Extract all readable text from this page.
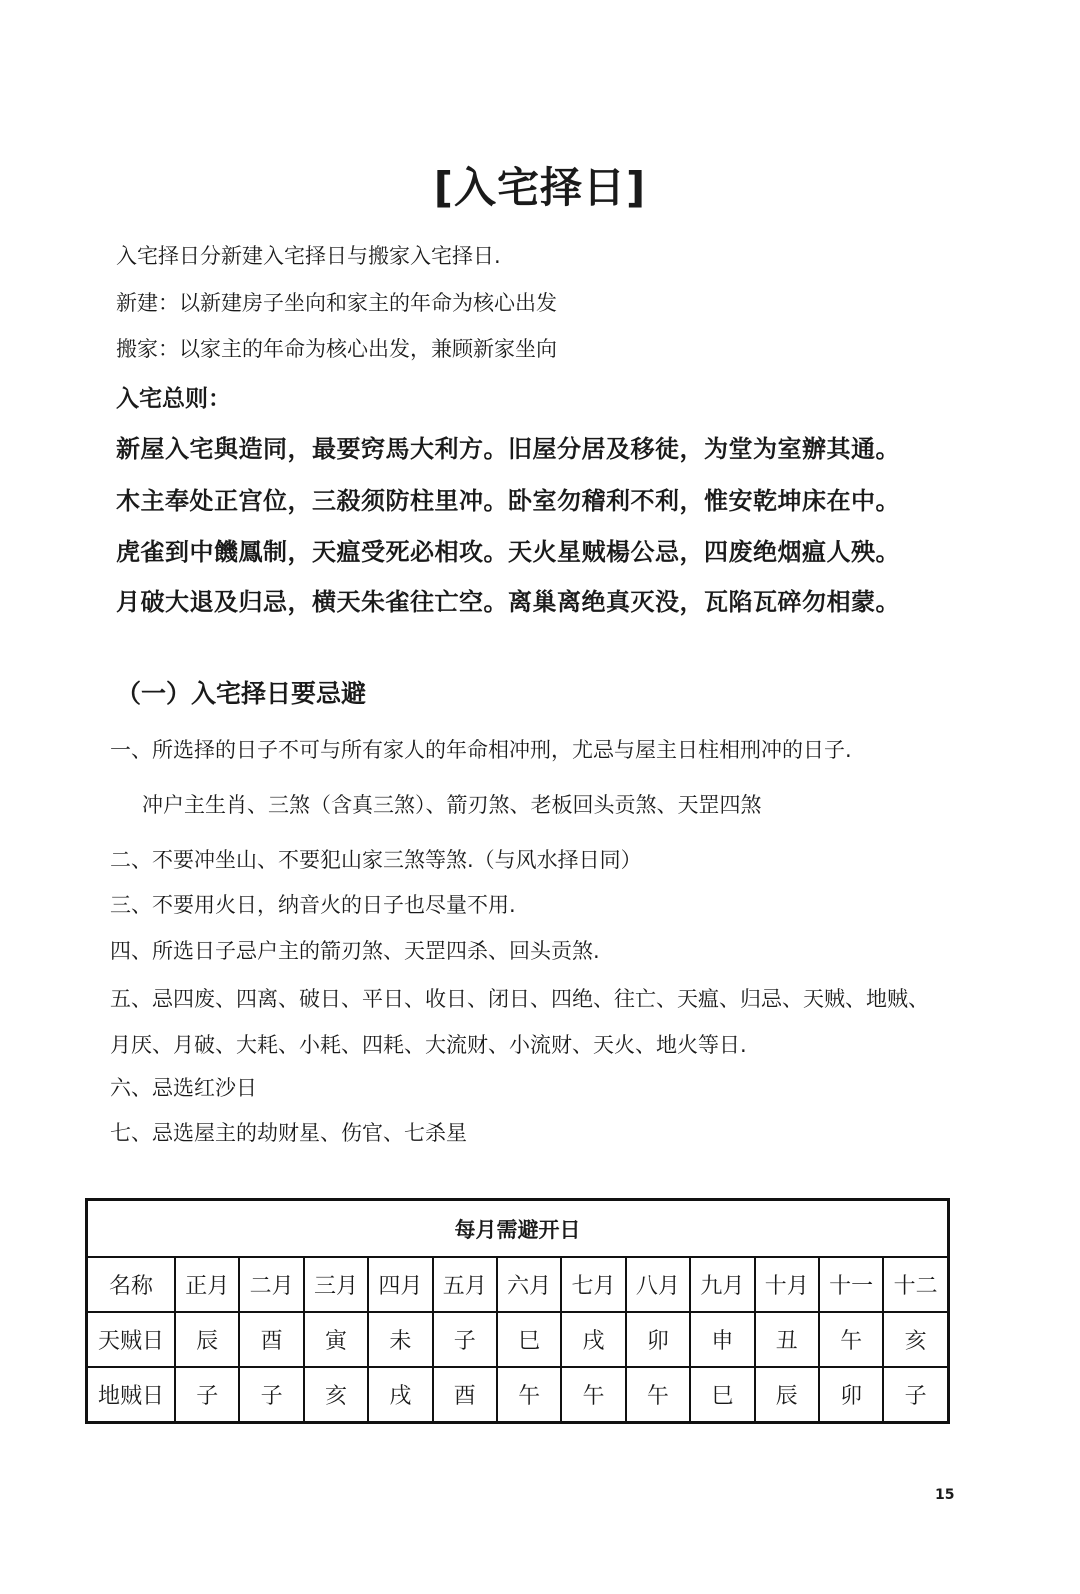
[入宅择日]
入宅择日分新建入宅择日与搬家入宅择日.
新建：以新建房子坐向和家主的年命为核心出发
搬家：以家主的年命为核心出发，兼顾新家坐向
入宅总则：
新屋入宅與造同，最要窍馬大利方。旧屋分居及移徒，为堂为室辦其通。
木主奉处正宫位，三殺须防柱里冲。卧室勿稽利不利，惟安乾坤床在中。
虎雀到中饑鳳制，天瘟受死必相攻。天火星贼楊公忌，四废绝烟瘟人殃。
月破大退及归忌，横天朱雀往亡空。离巢离绝真灭没，瓦陷瓦碎勿相蒙。
（一）入宅择日要忌避
一、所选择的日子不可与所有家人的年命相冲刑，尤忌与屋主日柱相刑冲的日子.
冲户主生肖、三煞（含真三煞）、箭刃煞、老板回头贡煞、天罡四煞
二、不要冲坐山、不要犯山家三煞等煞.（与风水择日同）
三、不要用火日，纳音火的日子也尽量不用.
四、所选日子忌户主的箭刃煞、天罡四杀、回头贡煞.
五、忌四废、四离、破日、平日、收日、闭日、四绝、往亡、天瘟、归忌、天贼、地贼、
月厌、月破、大耗、小耗、四耗、大流财、小流财、天火、地火等日.
六、忌选红沙日
七、忌选屋主的劫财星、伤官、七杀星
每月需避开日												
名称	正月	二月	三月	四月	五月	六月	七月	八月	九月	十月	十一	十二
天贼日	辰	酉	寅	未	子	巳	戌	卯	申	丑	午	亥
地贼日	子	子	亥	戌	酉	午	午	午	巳	辰	卯	子
15
